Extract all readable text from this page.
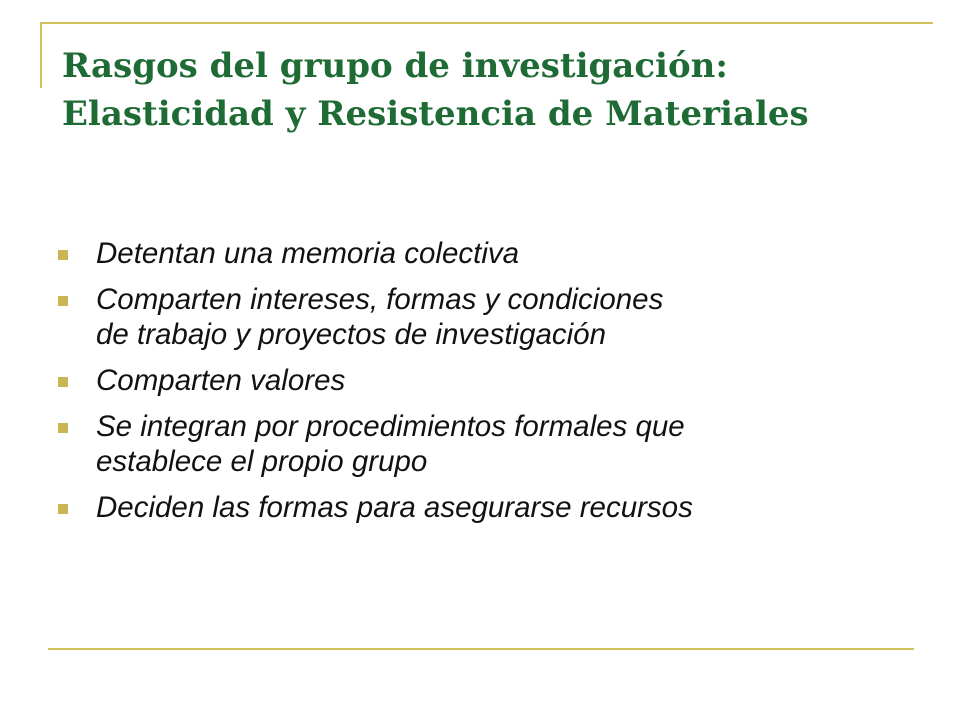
Rasgos del grupo de investigación:
Elasticidad y Resistencia de Materiales
Detentan una memoria colectiva
Comparten intereses, formas y condiciones
de trabajo y proyectos de investigación
Comparten valores
Se integran por procedimientos formales que
establece el propio grupo
Deciden las formas para asegurarse recursos
